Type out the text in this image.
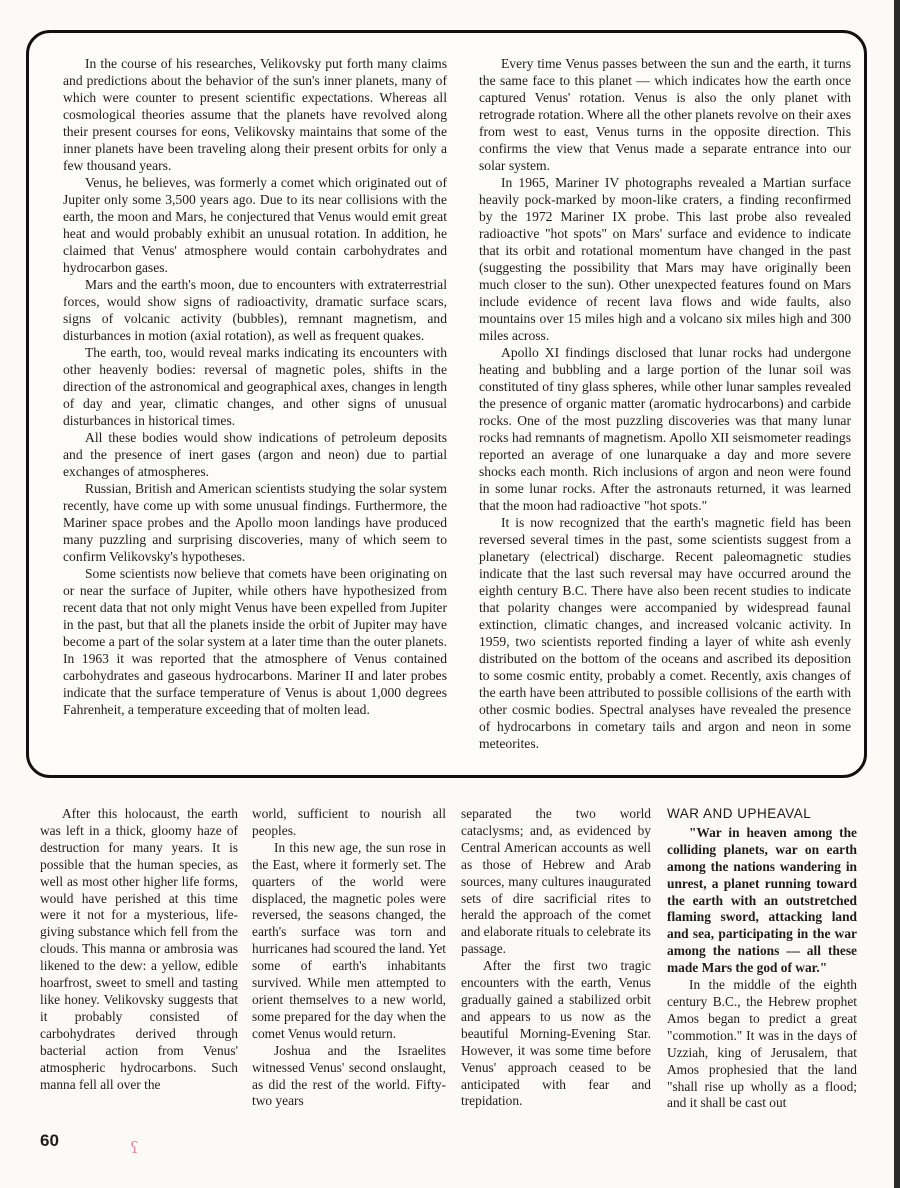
In the course of his researches, Velikovsky put forth many claims and predictions about the behavior of the sun's inner planets, many of which were counter to present scientific expectations. Whereas all cosmological theories assume that the planets have revolved along their present courses for eons, Velikovsky maintains that some of the inner planets have been traveling along their present orbits for only a few thousand years.

Venus, he believes, was formerly a comet which originated out of Jupiter only some 3,500 years ago. Due to its near collisions with the earth, the moon and Mars, he conjectured that Venus would emit great heat and would probably exhibit an unusual rotation. In addition, he claimed that Venus' atmosphere would contain carbohydrates and hydrocarbon gases.

Mars and the earth's moon, due to encounters with extraterrestrial forces, would show signs of radioactivity, dramatic surface scars, signs of volcanic activity (bubbles), remnant magnetism, and disturbances in motion (axial rotation), as well as frequent quakes.

The earth, too, would reveal marks indicating its encounters with other heavenly bodies: reversal of magnetic poles, shifts in the direction of the astronomical and geographical axes, changes in length of day and year, climatic changes, and other signs of unusual disturbances in historical times.

All these bodies would show indications of petroleum deposits and the presence of inert gases (argon and neon) due to partial exchanges of atmospheres.

Russian, British and American scientists studying the solar system recently, have come up with some unusual findings. Furthermore, the Mariner space probes and the Apollo moon landings have produced many puzzling and surprising discoveries, many of which seem to confirm Velikovsky's hypotheses.

Some scientists now believe that comets have been originating on or near the surface of Jupiter, while others have hypothesized from recent data that not only might Venus have been expelled from Jupiter in the past, but that all the planets inside the orbit of Jupiter may have become a part of the solar system at a later time than the outer planets. In 1963 it was reported that the atmosphere of Venus contained carbohydrates and gaseous hydrocarbons. Mariner II and later probes indicate that the surface temperature of Venus is about 1,000 degrees Fahrenheit, a temperature exceeding that of molten lead.

Every time Venus passes between the sun and the earth, it turns the same face to this planet — which indicates how the earth once captured Venus' rotation. Venus is also the only planet with retrograde rotation. Where all the other planets revolve on their axes from west to east, Venus turns in the opposite direction. This confirms the view that Venus made a separate entrance into our solar system.

In 1965, Mariner IV photographs revealed a Martian surface heavily pock-marked by moon-like craters, a finding reconfirmed by the 1972 Mariner IX probe. This last probe also revealed radioactive "hot spots" on Mars' surface and evidence to indicate that its orbit and rotational momentum have changed in the past (suggesting the possibility that Mars may have originally been much closer to the sun). Other unexpected features found on Mars include evidence of recent lava flows and wide faults, also mountains over 15 miles high and a volcano six miles high and 300 miles across.

Apollo XI findings disclosed that lunar rocks had undergone heating and bubbling and a large portion of the lunar soil was constituted of tiny glass spheres, while other lunar samples revealed the presence of organic matter (aromatic hydrocarbons) and carbide rocks. One of the most puzzling discoveries was that many lunar rocks had remnants of magnetism. Apollo XII seismometer readings reported an average of one lunarquake a day and more severe shocks each month. Rich inclusions of argon and neon were found in some lunar rocks. After the astronauts returned, it was learned that the moon had radioactive "hot spots."

It is now recognized that the earth's magnetic field has been reversed several times in the past, some scientists suggest from a planetary (electrical) discharge. Recent paleomagnetic studies indicate that the last such reversal may have occurred around the eighth century B.C. There have also been recent studies to indicate that polarity changes were accompanied by widespread faunal extinction, climatic changes, and increased volcanic activity. In 1959, two scientists reported finding a layer of white ash evenly distributed on the bottom of the oceans and ascribed its deposition to some cosmic entity, probably a comet. Recently, axis changes of the earth have been attributed to possible collisions of the earth with other cosmic bodies. Spectral analyses have revealed the presence of hydrocarbons in cometary tails and argon and neon in some meteorites.

After this holocaust, the earth was left in a thick, gloomy haze of destruction for many years. It is possible that the human species, as well as most other higher life forms, would have perished at this time were it not for a mysterious, life-giving substance which fell from the clouds. This manna or ambrosia was likened to the dew: a yellow, edible hoarfrost, sweet to smell and tasting like honey. Velikovsky suggests that it probably consisted of carbohydrates derived through bacterial action from Venus' atmospheric hydrocarbons. Such manna fell all over the

world, sufficient to nourish all peoples.

In this new age, the sun rose in the East, where it formerly set. The quarters of the world were displaced, the magnetic poles were reversed, the seasons changed, the earth's surface was torn and hurricanes had scoured the land. Yet some of earth's inhabitants survived. While men attempted to orient themselves to a new world, some prepared for the day when the comet Venus would return.

Joshua and the Israelites witnessed Venus' second onslaught, as did the rest of the world. Fifty-two years

separated the two world cataclysms; and, as evidenced by Central American accounts as well as those of Hebrew and Arab sources, many cultures inaugurated sets of dire sacrificial rites to herald the approach of the comet and elaborate rituals to celebrate its passage.

After the first two tragic encounters with the earth, Venus gradually gained a stabilized orbit and appears to us now as the beautiful Morning-Evening Star. However, it was some time before Venus' approach ceased to be anticipated with fear and trepidation.

WAR AND UPHEAVAL

"War in heaven among the colliding planets, war on earth among the nations wandering in unrest, a planet running toward the earth with an outstretched flaming sword, attacking land and sea, participating in the war among the nations — all these made Mars the god of war."

In the middle of the eighth century B.C., the Hebrew prophet Amos began to predict a great "commotion." It was in the days of Uzziah, king of Jerusalem, that Amos prophesied that the land "shall rise up wholly as a flood; and it shall be cast out

60	ʕ
